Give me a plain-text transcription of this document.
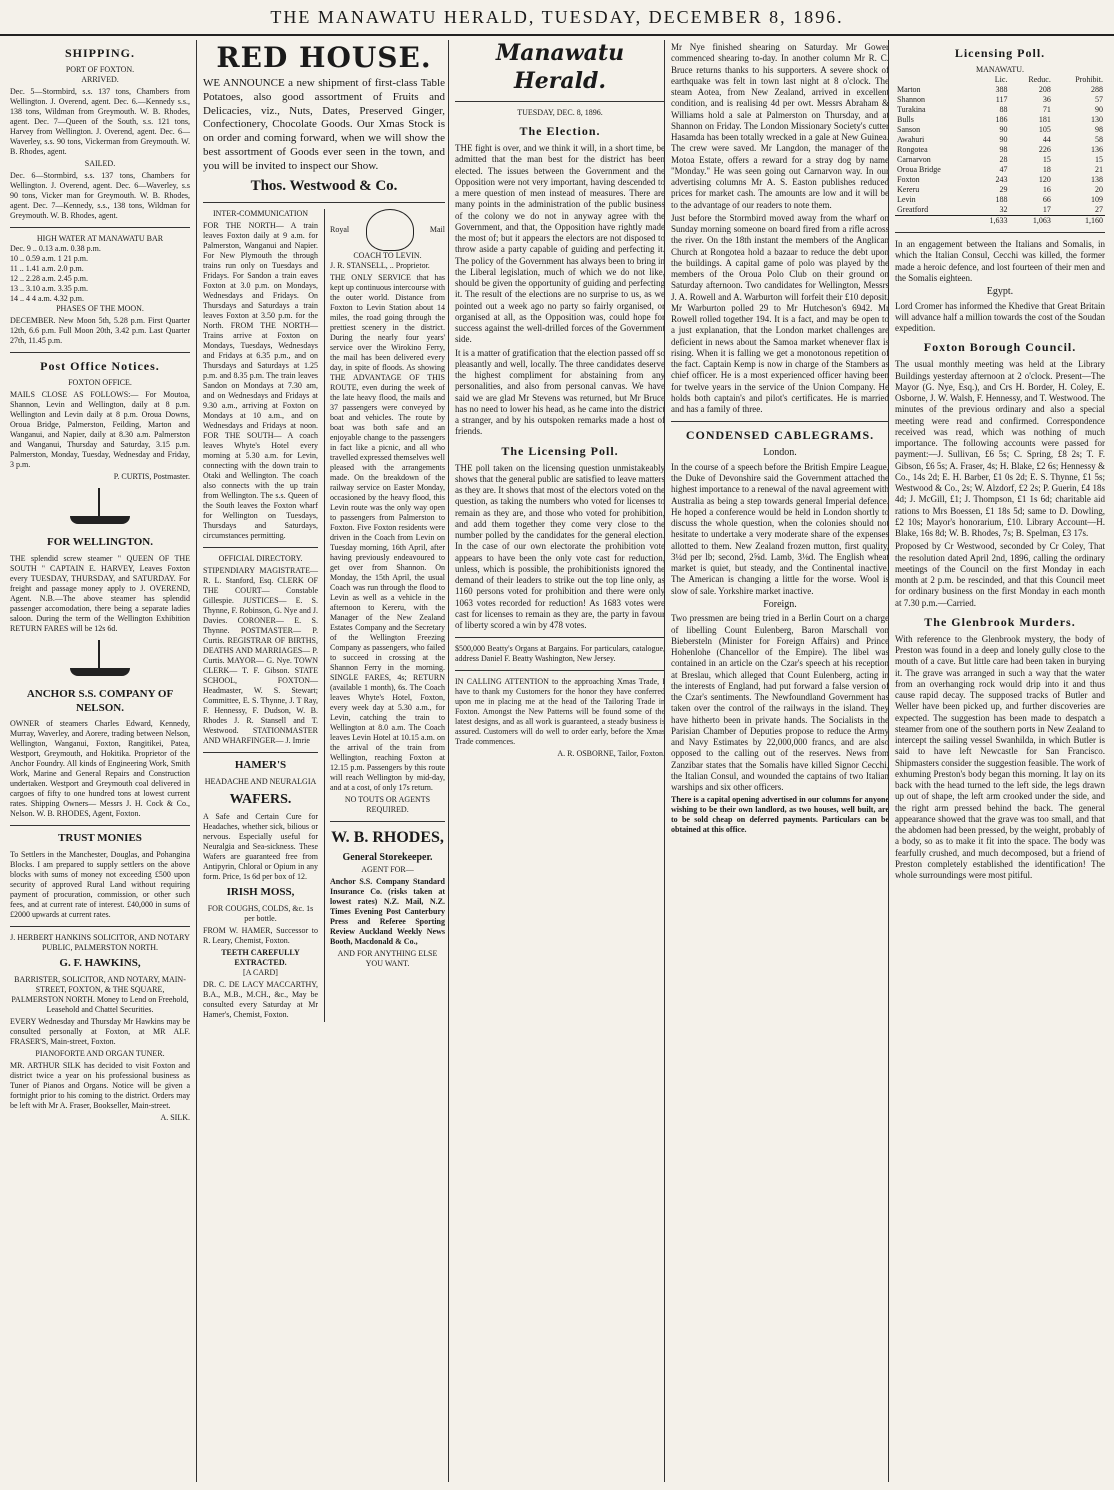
THE MANAWATU HERALD, TUESDAY, DECEMBER 8, 1896.
SHIPPING.
PORT OF FOXTON.
ARRIVED.
Dec. 5—Stormbird, s.s. 137 tons, Chambers from Wellington. J. Overend, agent. Dec. 6.—Kennedy s.s., 138 tons, Wildman from Greymouth. W. B. Rhodes, agent. Dec. 7—Queen of the South, s.s. 121 tons, Harvey from Wellington. J. Overend, agent. Dec. 6—Waverley, s.s. 90 tons, Vickerman from Greymouth. W. B. Rhodes, agent.
SAILED.
Dec. 6—Stormbird, s.s. 137 tons, Chambers for Wellington. J. Overend, agent. Dec. 6—Waverley, s.s 90 tons, Vicker man for Greymouth. W. B. Rhodes, agent. Dec. 7—Kennedy, s.s., 138 tons, Wildman for Greymouth. W. B. Rhodes, agent.
HIGH WATER AT MANAWATU BAR
Dec. 9 .. 0.13 a.m. 0.38 p.m.
10 .. 0.59 a.m. 1 21 p.m.
11 .. 1.41 a.m. 2.0 p.m.
12 .. 2.28 a.m. 2.45 p.m.
13 .. 3.10 a.m. 3.35 p.m.
14 .. 4 4 a.m. 4.32 p.m.
PHASES OF THE MOON.
DECEMBER. New Moon 5th, 5.28 p.m. First Quarter 12th, 6.6 p.m. Full Moon 20th, 3.42 p.m. Last Quarter 27th, 11.45 p.m.
Post Office Notices.
FOXTON OFFICE.
MAILS CLOSE AS FOLLOWS:— For Moutoa, Shannon, Levin and Wellington, daily at 8 p.m. Wellington and Levin daily at 8 p.m. Oroua Downs, Oroua Bridge, Palmerston, Feilding, Marton and Wanganui, and Napier, daily at 8.30 a.m. Palmerston and Wanganui, Thursday and Saturday, 3.15 p.m. Palmerston, Monday, Tuesday, Wednesday and Friday, 3 p.m.
P. CURTIS, Postmaster.
FOR WELLINGTON.
THE splendid screw steamer " QUEEN OF THE SOUTH " CAPTAIN E. HARVEY, Leaves Foxton every TUESDAY, THURSDAY, and SATURDAY. For freight and passage money apply to J. OVEREND, Agent. N.B.—The above steamer has splendid passenger accomodation, there being a separate ladies saloon. During the term of the Wellington Exhibition RETURN FARES will be 12s 6d.
ANCHOR S.S. COMPANY OF NELSON.
OWNER of steamers Charles Edward, Kennedy, Murray, Waverley, and Aorere, trading between Nelson, Wellington, Wanganui, Foxton, Rangitikei, Patea, Westport, Greymouth, and Hokitika. Proprietor of the Anchor Foundry. All kinds of Engineering Work, Smith Work, Marine and General Repairs and Construction undertaken. Westport and Greymouth coal delivered in cargoes of fifty to one hundred tons at lowest current rates. Shipping Owners— Messrs J. H. Cock & Co., Nelson. W. B. RHODES, Agent, Foxton.
TRUST MONIES
To Settlers in the Manchester, Douglas, and Pohangina Blocks. I am prepared to supply settlers on the above blocks with sums of money not exceeding £500 upon security of approved Rural Land without requiring payment of procuration, commission, or other such fees, and at current rate of interest. £40,000 in sums of £2000 upwards at current rates.
J. HERBERT HANKINS SOLICITOR, AND NOTARY PUBLIC, PALMERSTON NORTH.
G. F. HAWKINS,
BARRISTER, SOLICITOR, AND NOTARY, MAIN-STREET, FOXTON, & THE SQUARE, PALMERSTON NORTH. Money to Lend on Freehold, Leasehold and Chattel Securities.
EVERY Wednesday and Thursday Mr Hawkins may be consulted personally at Foxton, at MR ALF. FRASER'S, Main-street, Foxton.
PIANOFORTE AND ORGAN TUNER.
MR. ARTHUR SILK has decided to visit Foxton and district twice a year on his professional business as Tuner of Pianos and Organs. Notice will be given a fortnight prior to his coming to the district. Orders may be left with Mr A. Fraser, Bookseller, Main-street.
A. SILK.
RED HOUSE.
WE ANNOUNCE a new shipment of first-class Table Potatoes, also good assortment of Fruits and Delicacies, viz., Nuts, Dates, Preserved Ginger, Confectionery, Chocolate Goods. Our Xmas Stock is on order and coming forward, when we will show the best assortment of Goods ever seen in the town, and you will be invited to inspect our Show.
Thos. Westwood & Co.
INTER-COMMUNICATION
FOR THE NORTH— A train leaves Foxton daily at 9 a.m. for Palmerston, Wanganui and Napier. For New Plymouth the through trains run only on Tuesdays and Fridays. For Sandon a train eaves Foxton at 3.0 p.m. on Mondays, Wednesdays and Fridays. On Thursdays and Saturdays a train leaves Foxton at 3.50 p.m. for the North. FROM THE NORTH— Trains arrive at Foxton on Mondays, Tuesdays, Wednesdays and Fridays at 6.35 p.m., and on Thursdays and Saturdays at 1.25 p.m. and 8.35 p.m. The train leaves Sandon on Mondays at 7.30 am, and on Wednesdays and Fridays at 9.30 a.m., arriving at Foxton on Mondays at 10 a.m., and on Wednesdays and Fridays at noon. FOR THE SOUTH— A coach leaves Whyte's Hotel every morning at 5.30 a.m. for Levin, connecting with the down train to Otaki and Wellington. The coach also connects with the up train from Wellington. The s.s. Queen of the South leaves the Foxton wharf for Wellington on Tuesdays, Thursdays and Saturdays, circumstances permitting.
OFFICIAL DIRECTORY.
STIPENDIARY MAGISTRATE— R. L. Stanford, Esq. CLERK OF THE COURT— Constable Gillespie. JUSTICES— E. S. Thynne, F. Robinson, G. Nye and J. Davies. CORONER— E. S. Thynne. POSTMASTER— P. Curtis. REGISTRAR OF BIRTHS, DEATHS AND MARRIAGES— P. Curtis. MAYOR— G. Nye. TOWN CLERK— T. F. Gibson. STATE SCHOOL, FOXTON— Headmaster, W. S. Stewart; Committee, E. S. Thynne, J. T Ray, F. Hennessy, F. Dudson, W. B. Rhodes J. R. Stansell and T. Westwood. STATIONMASTER AND WHARFINGER— J. Imrie
HAMER'S
HEADACHE AND NEURALGIA
WAFERS.
A Safe and Certain Cure for Headaches, whether sick, bilious or nervous. Especially useful for Neuralgia and Sea-sickness. These Wafers are guaranteed free from Antipyrin, Chloral or Opium in any form. Price, 1s 6d per box of 12.
IRISH MOSS,
FOR COUGHS, COLDS, &c. 1s per bottle.
FROM W. HAMER, Successor to R. Leary, Chemist, Foxton.
TEETH CAREFULLY EXTRACTED.
[A CARD]
DR. C. DE LACY MACCARTHY, B.A., M.B., M.CH., &c., May be consulted every Saturday at Mr Hamer's, Chemist, Foxton.
Royal	Mail
COACH TO LEVIN.
J. R. STANSELL, .. Proprietor.
THE ONLY SERVICE that has kept up continuous intercourse with the outer world. Distance from Foxton to Levin Station about 14 miles, the road going through the prettiest scenery in the district. During the nearly four years' service over the Wirokino Ferry, the mail has been delivered every day, in spite of floods. As showing THE ADVANTAGE OF THIS ROUTE, even during the week of the late heavy flood, the mails and 37 passengers were conveyed by boat and vehicles. The route by boat was both safe and an enjoyable change to the passengers in fact like a picnic, and all who travelled expressed themselves well pleased with the arrangements made. On the breakdown of the railway service on Easter Monday, occasioned by the heavy flood, this Levin route was the only way open to passengers from Palmerston to Foxton. Five Foxton residents were driven in the Coach from Levin on Tuesday morning, 16th April, after having previously endeavoured to get over from Shannon. On Monday, the 15th April, the usual Coach was run through the flood to Levin as well as a vehicle in the afternoon to Kereru, with the Manager of the New Zealand Estates Company and the Secretary of the Wellington Freezing Company as passengers, who failed to succeed in crossing at the Shannon Ferry in the morning. SINGLE FARES, 4s; RETURN (available 1 month), 6s. The Coach leaves Whyte's Hotel, Foxton, every week day at 5.30 a.m., for Levin, catching the train to Wellington at 8.0 a.m. The Coach leaves Levin Hotel at 10.15 a.m. on the arrival of the train from Wellington, reaching Foxton at 12.15 p.m. Passengers by this route will reach Wellington by mid-day, and at a cost, of only 17s return.
NO TOUTS OR AGENTS REQUIRED.
W. B. RHODES,
General Storekeeper.
AGENT FOR—
Anchor S.S. Company Standard Insurance Co. (risks taken at lowest rates) N.Z. Mail, N.Z. Times Evening Post Canterbury Press and Referee Sporting Review Auckland Weekly News Booth, Macdonald & Co.,
AND FOR ANYTHING ELSE YOU WANT.
Manawatu Herald.
TUESDAY, DEC. 8, 1896.
The Election.
THE fight is over, and we think it will, in a short time, be admitted that the man best for the district has been elected. The issues between the Government and the Opposition were not very important, having descended to a mere question of men instead of measures. There are many points in the administration of the public business of the colony we do not in anyway agree with the Government, and that, the Opposition have rightly made the most of; but it appears the electors are not disposed to throw aside a party capable of guiding and perfecting it. The policy of the Government has always been to bring in the Liberal legislation, much of which we do not like, should be given the opportunity of guiding and perfecting it. The result of the elections are no surprise to us, as we pointed out a week ago no party so fairly organised, or organised at all, as the Opposition was, could hope for success against the well-drilled forces of the Government side.
It is a matter of gratification that the election passed off so pleasantly and well, locally. The three candidates deserve the highest compliment for abstaining from any personalities, and also from personal canvas. We have said we are glad Mr Stevens was returned, but Mr Bruce has no need to lower his head, as he came into the district a stranger, and by his outspoken remarks made a host of friends.
The Licensing Poll.
THE poll taken on the licensing question unmistakeably shows that the general public are satisfied to leave matters as they are. It shows that most of the electors voted on the question, as taking the numbers who voted for licenses to remain as they are, and those who voted for prohibition, and add them together they come very close to the number polled by the candidates for the general election. In the case of our own electorate the prohibition vote appears to have been the only vote cast for reduction, unless, which is possible, the prohibitionists ignored the demand of their leaders to strike out the top line only, as 1160 persons voted for prohibition and there were only 1063 votes recorded for reduction! As 1683 votes were cast for licenses to remain as they are, the party in favour of liberty scored a win by 478 votes.
$500,000 Beatty's Organs at Bargains. For particulars, catalogue, address Daniel F. Beatty Washington, New Jersey.
IN CALLING ATTENTION to the approaching Xmas Trade, I have to thank my Customers for the honor they have conferred upon me in placing me at the head of the Tailoring Trade in Foxton. Amongst the New Patterns will be found some of the latest designs, and as all work is guaranteed, a steady business is assured. Customers will do well to order early, before the Xmas Trade commences.
A. R. OSBORNE, Tailor, Foxton.
Mr Nye finished shearing on Saturday. Mr Gower commenced shearing to-day. In another column Mr R. C. Bruce returns thanks to his supporters. A severe shock of earthquake was felt in town last night at 8 o'clock. The steam Aotea, from New Zealand, arrived in excellent condition, and is realising 4d per owt. Messrs Abraham & Williams hold a sale at Palmerston on Thursday, and at Shannon on Friday. The London Missionary Society's cutter Hasamda has been totally wrecked in a gale at New Guinea. The crew were saved. Mr Langdon, the manager of the Motoa Estate, offers a reward for a stray dog by name "Monday." He was seen going out Carnarvon way. In our advertising columns Mr A. S. Easton publishes reduced prices for market cash. The amounts are low and it will be to the advantage of our readers to note them.
Just before the Stormbird moved away from the wharf on Sunday morning someone on board fired from a rifle across the river. On the 18th instant the members of the Anglican Church at Rongotea hold a bazaar to reduce the debt upon the buildings. A capital game of polo was played by the members of the Oroua Polo Club on their ground on Saturday afternoon. Two candidates for Wellington, Messrs J. A. Rowell and A. Warburton will forfeit their £10 deposit. Mr Warburton polled 29 to Mr Hutcheson's 6942. Mr Rowell rolled together 194. It is a fact, and may be open to a just explanation, that the London market challenges are deficient in news about the Samoa market whenever flax is rising. When it is falling we get a monotonous repetition of the fact. Captain Kemp is now in charge of the Stambers as chief officer. He is a most experienced officer having been for twelve years in the service of the Union Company. He holds both captain's and pilot's certificates. He is married and has a family of three.
CONDENSED CABLEGRAMS.
London.
In the course of a speech before the British Empire League, the Duke of Devonshire said the Government attached the highest importance to a renewal of the naval agreement with Australia as being a step towards general Imperial defence. He hoped a conference would be held in London shortly to discuss the whole question, when the colonies should not hesitate to undertake a very moderate share of the expenses allotted to them. New Zealand frozen mutton, first quality, 3¼d per lb; second, 2⅝d. Lamb, 3⅛d. The English wheat market is quiet, but steady, and the Continental inactive. The American is changing a little for the worse. Wool is slow of sale. Yorkshire market inactive.
Foreign.
Two pressmen are being tried in a Berlin Court on a charge of libelling Count Eulenberg, Baron Marschall von Biebersteln (Minister for Foreign Affairs) and Prince Hohenlohe (Chancellor of the Empire). The libel was contained in an article on the Czar's speech at his reception at Breslau, which alleged that Count Eulenberg, acting in the interests of England, had put forward a false version of the Czar's sentiments. The Newfoundland Government has taken over the control of the railways in the island. They have hitherto been in private hands. The Socialists in the Parisian Chamber of Deputies propose to reduce the Army and Navy Estimates by 22,000,000 francs, and are also opposed to the calling out of the reserves. News from Zanzibar states that the Somalis have killed Signor Cecchi, the Italian Consul, and wounded the captains of two Italian warships and six other officers.
There is a capital opening advertised in our columns for anyone wishing to be their own landlord, as two houses, well built, are to be sold cheap on deferred payments. Particulars can be obtained at this office.
Licensing Poll.
MANAWATU.
	Lic.	Reduc.	Prohibit.
Marton	388	208	288
Shannon	117	36	57
Turakina	88	71	90
Bulls	186	181	130
Sanson	90	105	98
Awahuri	90	44	58
Rongotea	98	226	136
Carnarvon	28	15	15
Oroua Bridge	47	18	21
Foxton	243	120	138
Kereru	29	16	20
Levin	188	66	109
Greatford	32	17	27
	1,633	1,063	1,160
In an engagement between the Italians and Somalis, in which the Italian Consul, Cecchi was killed, the former made a heroic defence, and lost fourteen of their men and the Somalis eighteen.
Egypt.
Lord Cromer has informed the Khedive that Great Britain will advance half a million towards the cost of the Soudan expedition.
Foxton Borough Council.
The usual monthly meeting was held at the Library Buildings yesterday afternoon at 2 o'clock. Present—The Mayor (G. Nye, Esq.), and Crs H. Border, H. Coley, E. Osborne, J. W. Walsh, F. Hennessy, and T. Westwood. The minutes of the previous ordinary and also a special meeting were read and confirmed. Correspondence received was read, which was nothing of much importance. The following accounts were passed for payment:—J. Sullivan, £6 5s; C. Spring, £8 2s; T. F. Gibson, £6 5s; A. Fraser, 4s; H. Blake, £2 6s; Hennessy & Co., 14s 2d; E. H. Barber, £1 0s 2d; E. S. Thynne, £1 5s; Westwood & Co., 2s; W. Alzdorf, £2 2s; P. Guerin, £4 18s 4d; J. McGill, £1; J. Thompson, £1 1s 6d; charitable aid rations to Mrs Boessen, £1 18s 5d; same to D. Dowling, £2 10s; Mayor's honorarium, £10. Library Account—H. Blake, 16s 8d; W. B. Rhodes, 7s; B. Spelman, £3 17s.
Proposed by Cr Westwood, seconded by Cr Coley, That the resolution dated April 2nd, 1896, calling the ordinary meetings of the Council on the first Monday in each month at 2 p.m. be rescinded, and that this Council meet for ordinary business on the first Monday in each month at 7.30 p.m.—Carried.
The Glenbrook Murders.
With reference to the Glenbrook mystery, the body of Preston was found in a deep and lonely gully close to the mouth of a cave. But little care had been taken in burying it. The grave was arranged in such a way that the water from an overhanging rock would drip into it and thus cause rapid decay. The supposed tracks of Butler and Weller have been picked up, and further discoveries are expected. The suggestion has been made to despatch a steamer from one of the southern ports in New Zealand to intercept the sailing vessel Swanhilda, in which Butler is said to have left Newcastle for San Francisco. Shipmasters consider the suggestion feasible. The work of exhuming Preston's body began this morning. It lay on its back with the head turned to the left side, the legs drawn up out of shape, the left arm crooked under the side, and the right arm pressed behind the back. The general appearance showed that the grave was too small, and that the abdomen had been pressed, by the weight, probably of a body, so as to make it fit into the space. The body was fearfully crushed, and much decomposed, but a friend of Preston completely established the identification! The whole surroundings were most pitiful.
